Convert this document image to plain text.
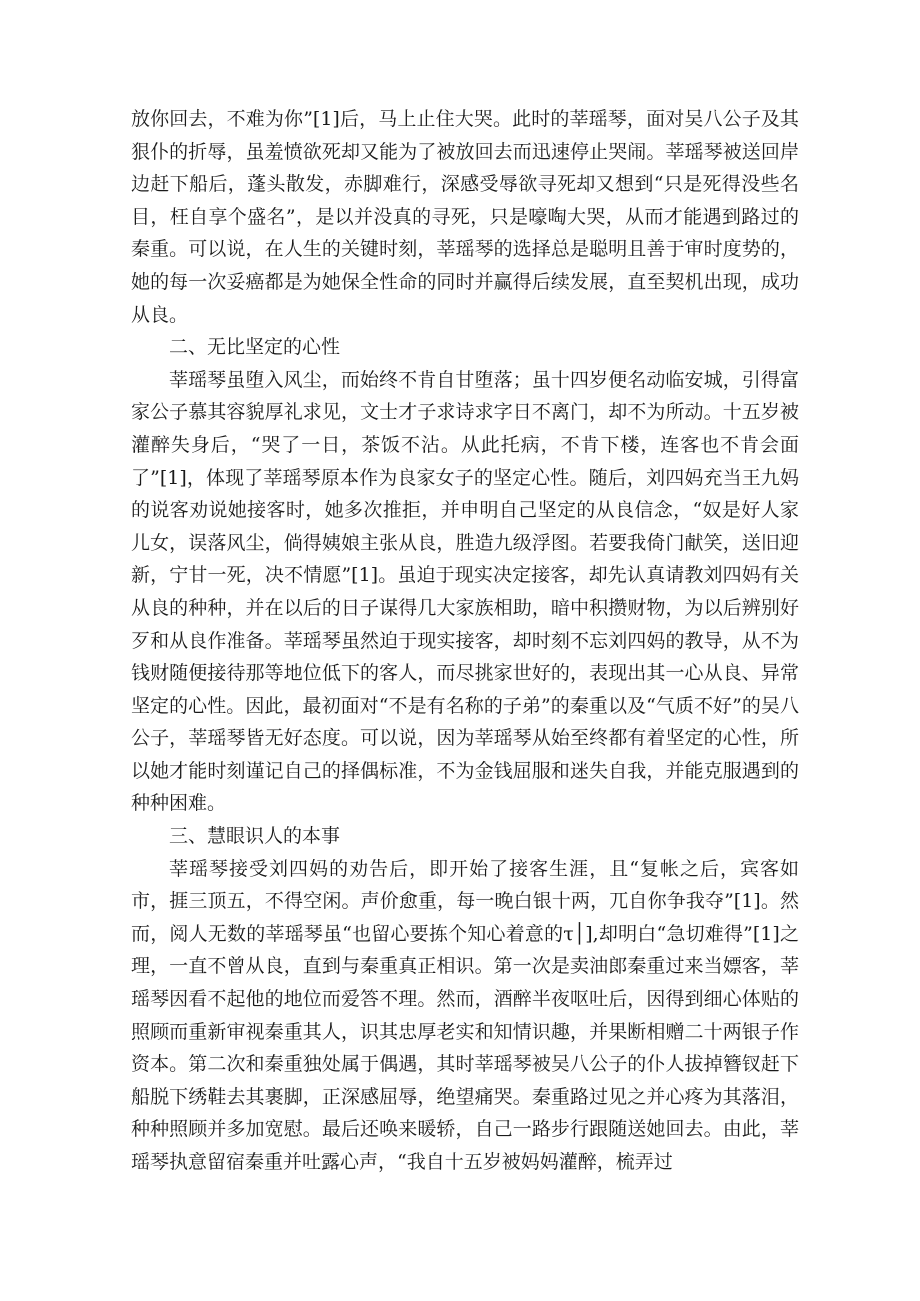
放你回去，不难为你”[1]后，马上止住大哭。此时的莘瑶琴，面对吴八公子及其狠仆的折辱，虽羞愤欲死却又能为了被放回去而迅速停止哭闹。莘瑶琴被送回岸边赶下船后，蓬头散发，赤脚难行，深感受辱欲寻死却又想到“只是死得没些名目，枉自享个盛名”，是以并没真的寻死，只是嚎啕大哭，从而才能遇到路过的秦重。可以说，在人生的关键时刻，莘瑶琴的选择总是聪明且善于审时度势的，她的每一次妥癌都是为她保全性命的同时并赢得后续发展，直至契机出现，成功从良。

二、无比坚定的心性

莘瑶琴虽堕入风尘，而始终不肯自甘堕落；虽十四岁便名动临安城，引得富家公子慕其容貌厚礼求见，文士才子求诗求字日不离门，却不为所动。十五岁被灌醉失身后，“哭了一日，茶饭不沾。从此托病，不肯下楼，连客也不肯会面了”[1]，体现了莘瑶琴原本作为良家女子的坚定心性。随后，刘四妈充当王九妈的说客劝说她接客时，她多次推拒，并申明自己坚定的从良信念，“奴是好人家儿女，误落风尘，倘得姨娘主张从良，胜造九级浮图。若要我倚门献笑，送旧迎新，宁甘一死，决不情愿”[1]。虽迫于现实决定接客，却先认真请教刘四妈有关从良的种种，并在以后的日子谋得几大家族相助，暗中积攒财物，为以后辨别好歹和从良作准备。莘瑶琴虽然迫于现实接客，却时刻不忘刘四妈的教导，从不为钱财随便接待那等地位低下的客人，而尽挑家世好的，表现出其一心从良、异常坚定的心性。因此，最初面对“不是有名称的子弟”的秦重以及“气质不好”的吴八公子，莘瑶琴皆无好态度。可以说，因为莘瑶琴从始至终都有着坚定的心性，所以她才能时刻谨记自己的择偶标准，不为金钱屈服和迷失自我，并能克服遇到的种种困难。

三、慧眼识人的本事

莘瑶琴接受刘四妈的劝告后，即开始了接客生涯，且“复帐之后，宾客如市，捱三顶五，不得空闲。声价愈重，每一晚白银十两，兀自你争我夺”[1]。然而，阅人无数的莘瑶琴虽“也留心要拣个知心着意的τ│],却明白“急切难得”[1]之理，一直不曾从良，直到与秦重真正相识。第一次是卖油郎秦重过来当嫖客，莘瑶琴因看不起他的地位而爱答不理。然而，酒醉半夜呕吐后，因得到细心体贴的照顾而重新审视秦重其人，识其忠厚老实和知情识趣，并果断相赠二十两银子作资本。第二次和秦重独处属于偶遇，其时莘瑶琴被吴八公子的仆人拔掉簪钗赶下船脱下绣鞋去其裹脚，正深感屈辱，绝望痛哭。秦重路过见之并心疼为其落泪，种种照顾并多加宽慰。最后还唤来暖轿，自己一路步行跟随送她回去。由此，莘瑶琴执意留宿秦重并吐露心声，“我自十五岁被妈妈灌醉，梳弄过
